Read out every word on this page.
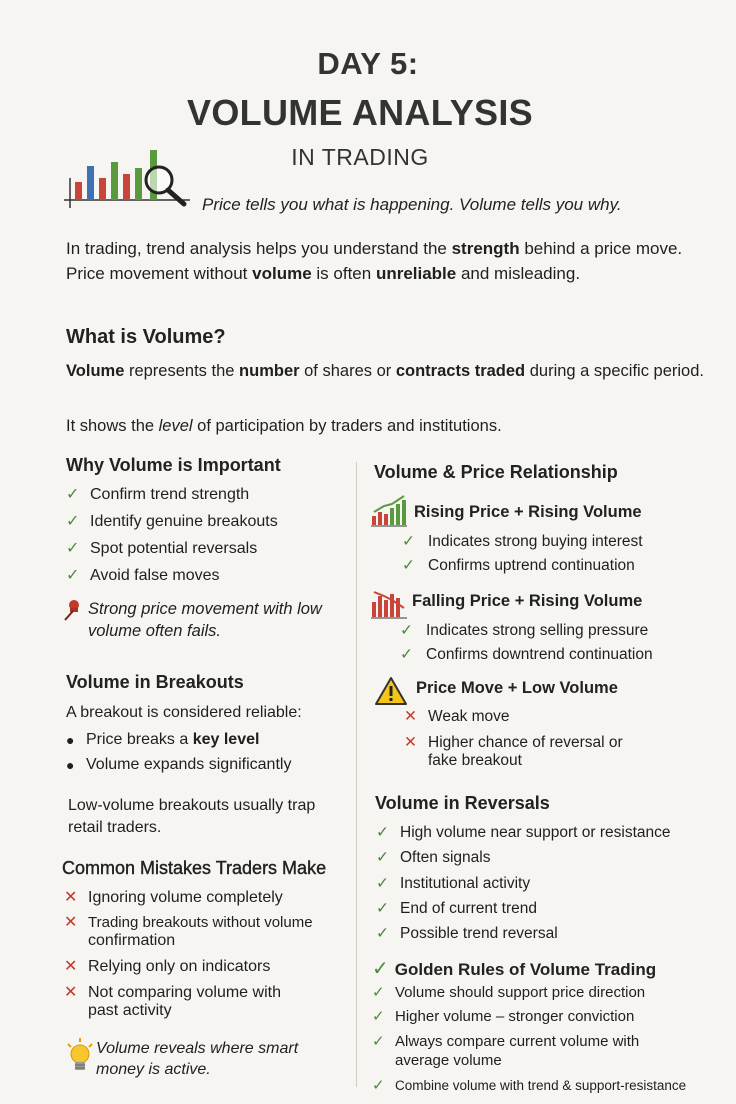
DAY 5:
VOLUME ANALYSIS
IN TRADING
Price tells you what is happening. Volume tells you why.
In trading, trend analysis helps you understand the strength behind a price move. Price movement without volume is often unreliable and misleading.
What is Volume?
Volume represents the number of shares or contracts traded during a specific period.
It shows the level of participation by traders and institutions.
Why Volume is Important
✓ Confirm trend strength
✓ Identify genuine breakouts
✓ Spot potential reversals
✓ Avoid false moves
Strong price movement with low volume often fails.
Volume in Breakouts
A breakout is considered reliable:
● Price breaks a key level
● Volume expands significantly
Low-volume breakouts usually trap retail traders.
Common Mistakes Traders Make
✕ Ignoring volume completely
✕ Trading breakouts without volume
confirmation
✕ Relying only on indicators
✕ Not comparing volume with
past activity
Volume reveals where smart money is active.
Volume & Price Relationship
Rising Price + Rising Volume
✓ Indicates strong buying interest
✓ Confirms uptrend continuation
Falling Price + Rising Volume
✓ Indicates strong selling pressure
✓ Confirms downtrend continuation
Price Move + Low Volume
✕ Weak move
✕ Higher chance of reversal or
fake breakout
Volume in Reversals
✓ High volume near support or resistance
✓ Often signals
✓ Institutional activity
✓ End of current trend
✓ Possible trend reversal
✓ Golden Rules of Volume Trading
✓ Volume should support price direction
✓ Higher volume – stronger conviction
✓ Always compare current volume with
average volume
✓ Combine volume with trend & support-resistance
